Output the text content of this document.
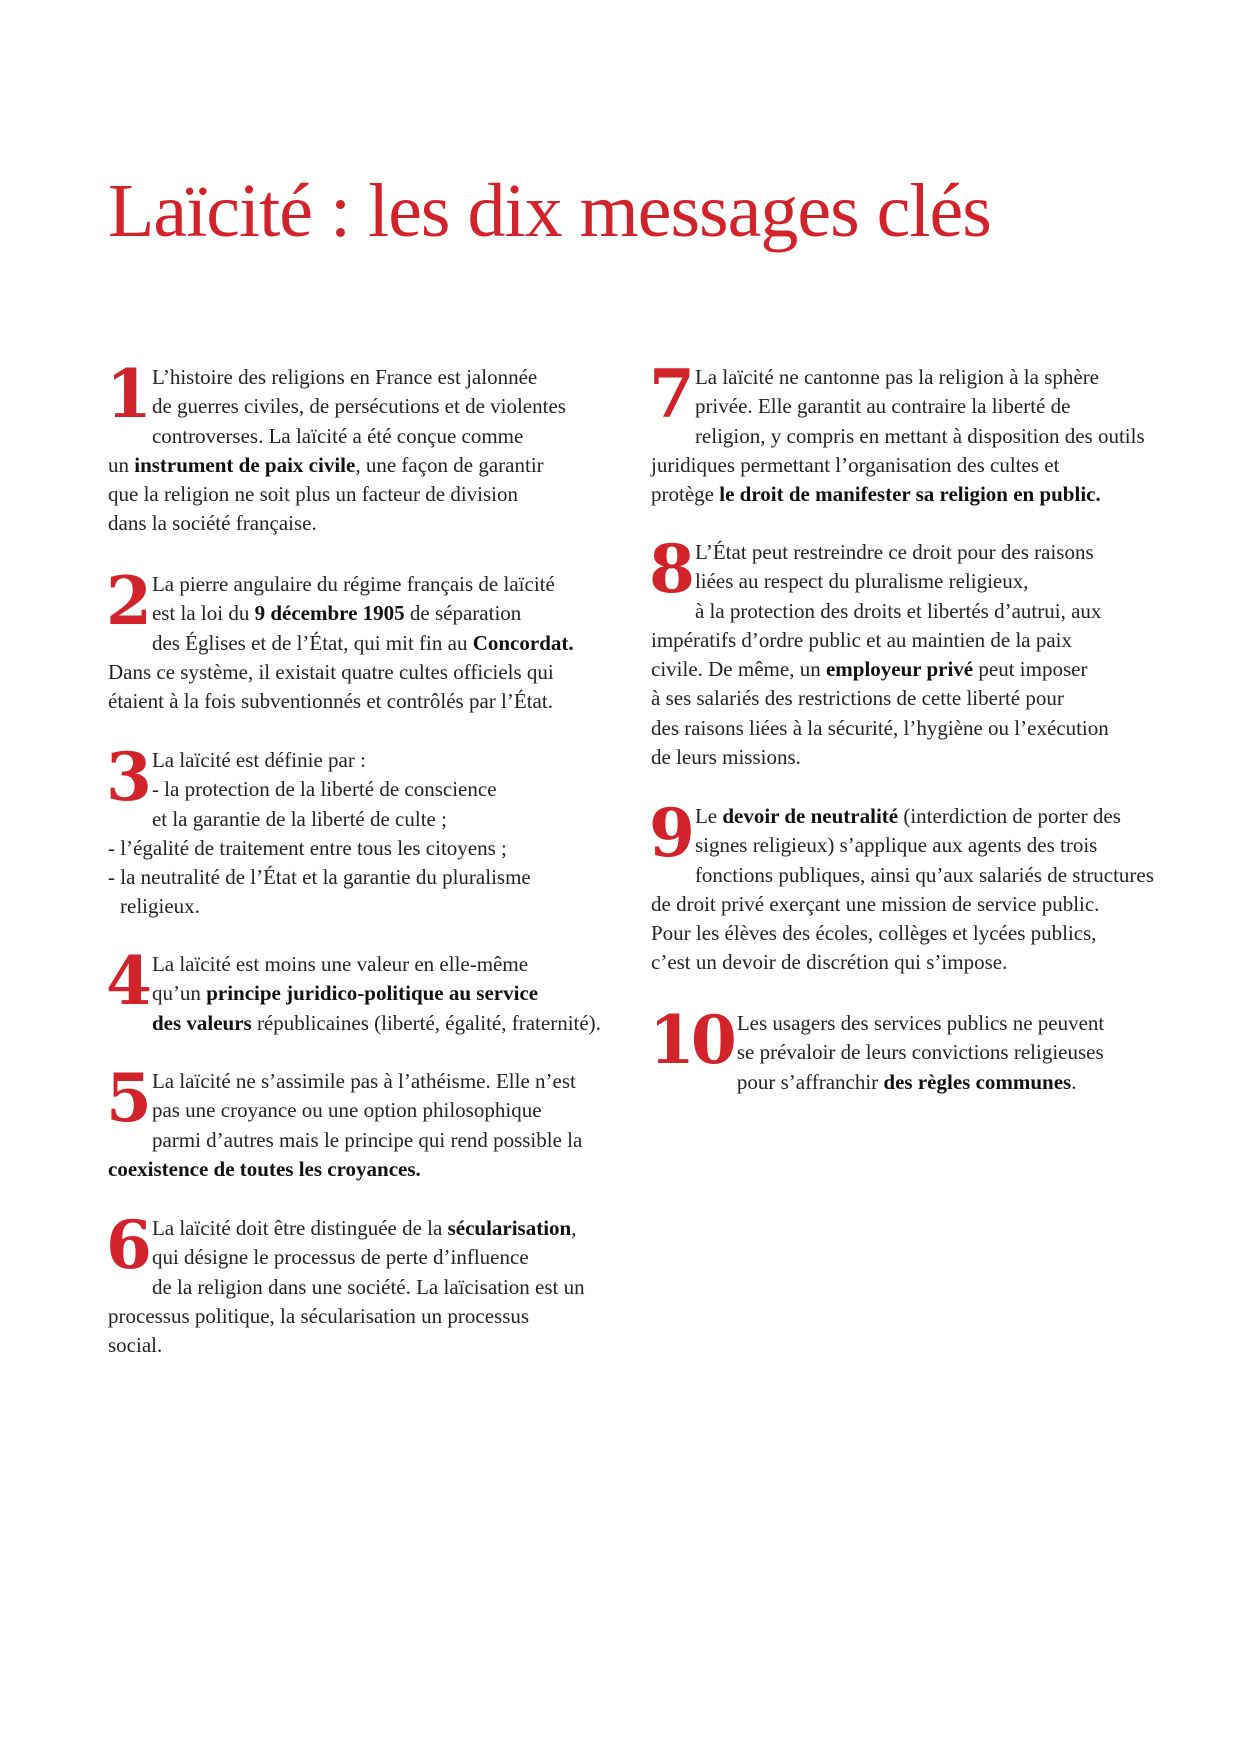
Laïcité : les dix messages clés
1 L’histoire des religions en France est jalonnée
de guerres civiles, de persécutions et de violentes
controverses. La laïcité a été conçue comme
un instrument de paix civile, une façon de garantir
que la religion ne soit plus un facteur de division
dans la société française.
2 La pierre angulaire du régime français de laïcité
est la loi du 9 décembre 1905 de séparation
des Églises et de l’État, qui mit fin au Concordat.
Dans ce système, il existait quatre cultes officiels qui
étaient à la fois subventionnés et contrôlés par l’État.
3 La laïcité est définie par :
- la protection de la liberté de conscience
et la garantie de la liberté de culte ;
- l’égalité de traitement entre tous les citoyens ;
- la neutralité de l’État et la garantie du pluralisme
religieux.
4 La laïcité est moins une valeur en elle-même
qu’un principe juridico-politique au service
des valeurs républicaines (liberté, égalité, fraternité).
5 La laïcité ne s’assimile pas à l’athéisme. Elle n’est
pas une croyance ou une option philosophique
parmi d’autres mais le principe qui rend possible la
coexistence de toutes les croyances.
6 La laïcité doit être distinguée de la sécularisation,
qui désigne le processus de perte d’influence
de la religion dans une société. La laïcisation est un
processus politique, la sécularisation un processus
social.
7 La laïcité ne cantonne pas la religion à la sphère
privée. Elle garantit au contraire la liberté de
religion, y compris en mettant à disposition des outils
juridiques permettant l’organisation des cultes et
protège le droit de manifester sa religion en public.
8 L’État peut restreindre ce droit pour des raisons
liées au respect du pluralisme religieux,
à la protection des droits et libertés d’autrui, aux
impératifs d’ordre public et au maintien de la paix
civile. De même, un employeur privé peut imposer
à ses salariés des restrictions de cette liberté pour
des raisons liées à la sécurité, l’hygiène ou l’exécution
de leurs missions.
9 Le devoir de neutralité (interdiction de porter des
signes religieux) s’applique aux agents des trois
fonctions publiques, ainsi qu’aux salariés de structures
de droit privé exerçant une mission de service public.
Pour les élèves des écoles, collèges et lycées publics,
c’est un devoir de discrétion qui s’impose.
10 Les usagers des services publics ne peuvent
se prévaloir de leurs convictions religieuses
pour s’affranchir des règles communes.
